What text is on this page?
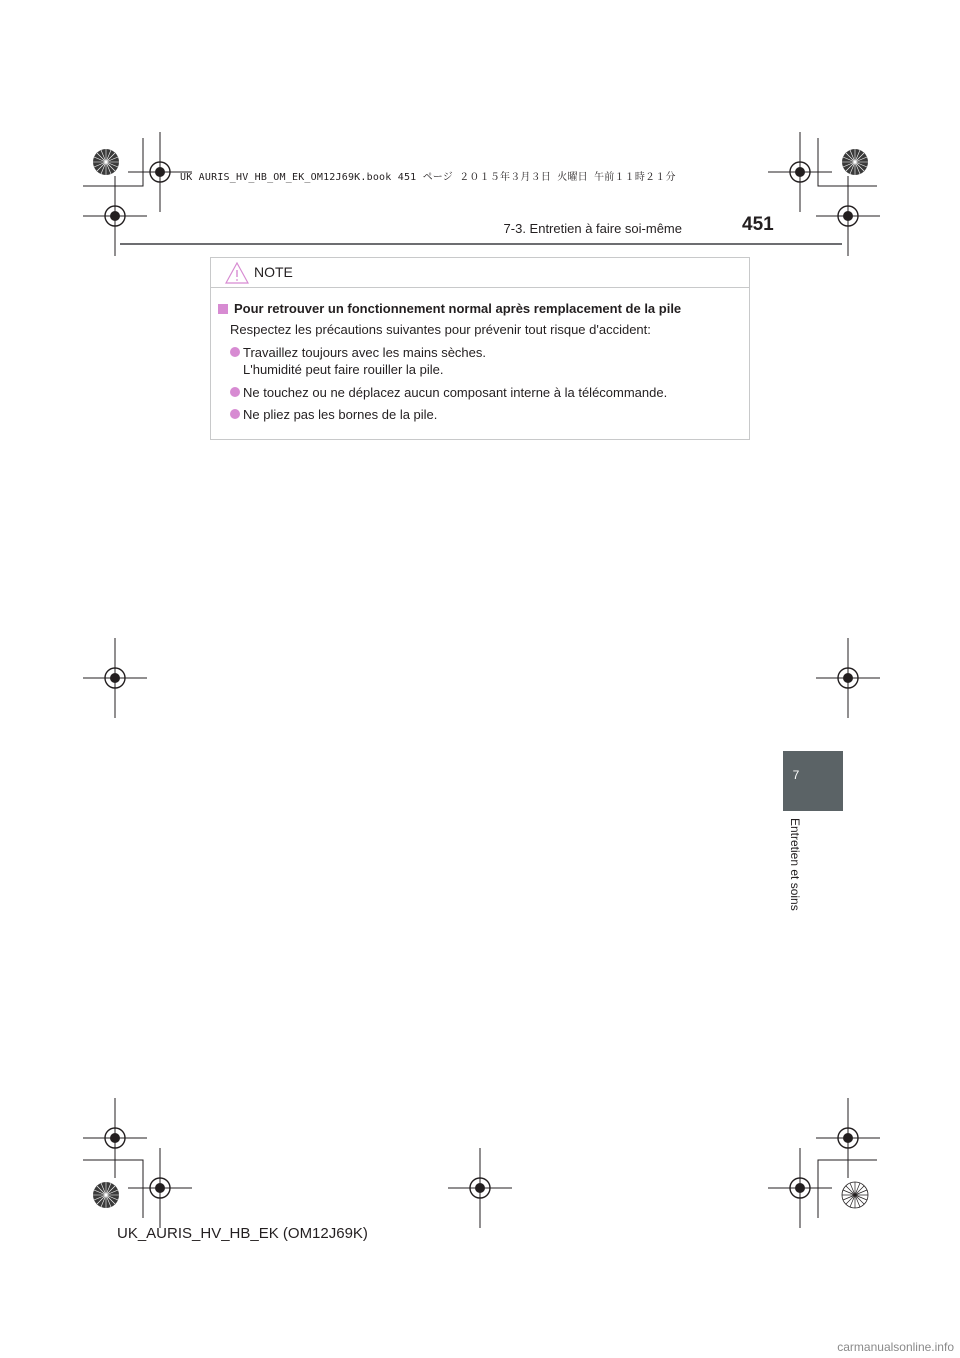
UK AURIS_HV_HB_OM_EK_OM12J69K.book 451 ページ ２０１５年３月３日 火曜日 午前１１時２１分
7-3. Entretien à faire soi-même	451
7
Entretien et soins
NOTE
Pour retrouver un fonctionnement normal après remplacement de la pile
Respectez les précautions suivantes pour prévenir tout risque d'accident:
Travaillez toujours avec les mains sèches.
L'humidité peut faire rouiller la pile.
Ne touchez ou ne déplacez aucun composant interne à la télécommande.
Ne pliez pas les bornes de la pile.
UK_AURIS_HV_HB_EK (OM12J69K)
carmanualsonline.info
